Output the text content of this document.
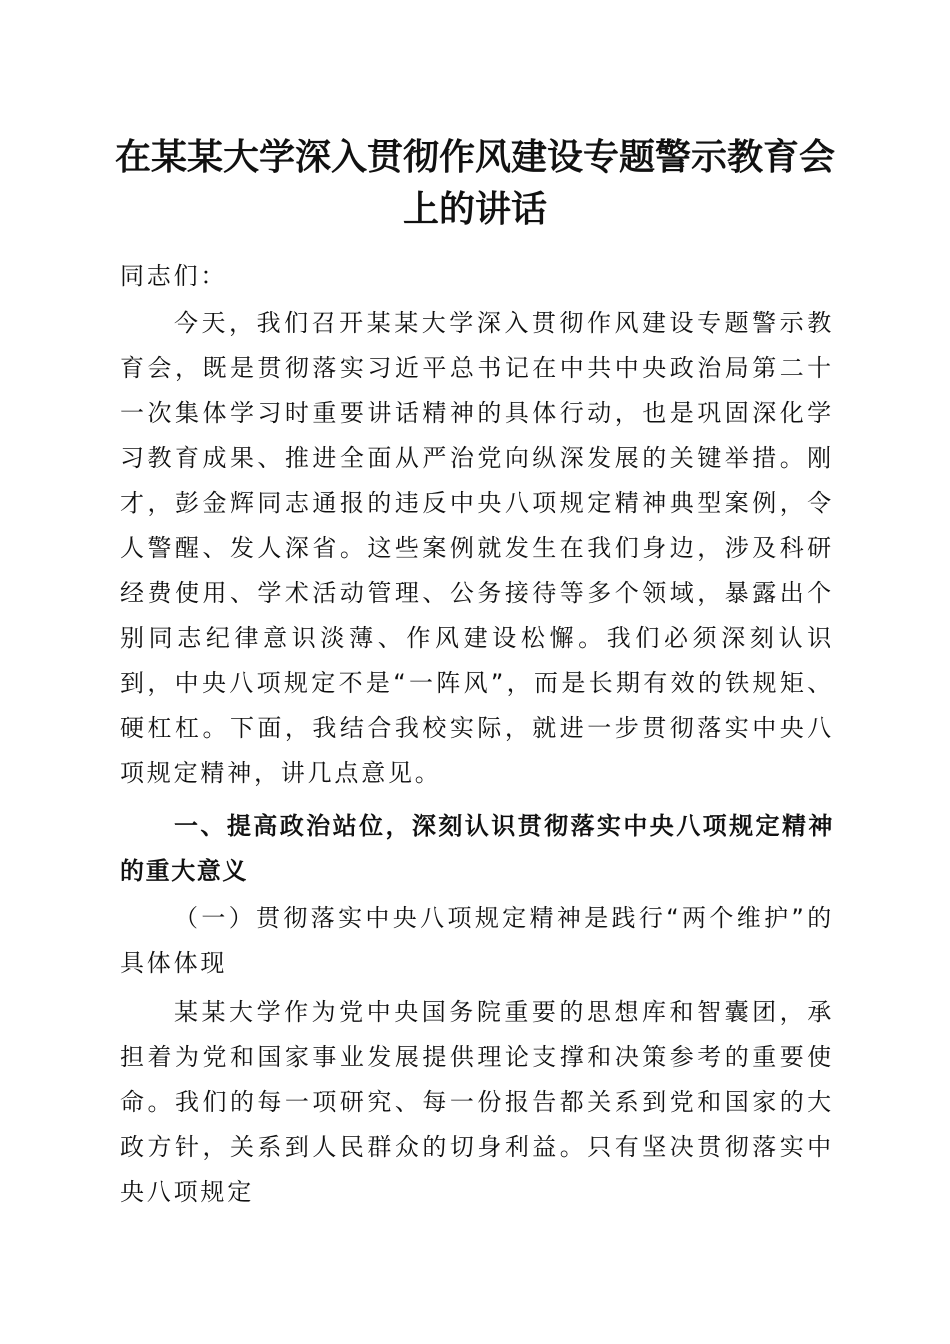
在某某大学深入贯彻作风建设专题警示教育会上的讲话

同志们：

今天，我们召开某某大学深入贯彻作风建设专题警示教育会，既是贯彻落实习近平总书记在中共中央政治局第二十一次集体学习时重要讲话精神的具体行动，也是巩固深化学习教育成果、推进全面从严治党向纵深发展的关键举措。刚才，彭金辉同志通报的违反中央八项规定精神典型案例，令人警醒、发人深省。这些案例就发生在我们身边，涉及科研经费使用、学术活动管理、公务接待等多个领域，暴露出个别同志纪律意识淡薄、作风建设松懈。我们必须深刻认识到，中央八项规定不是“一阵风”，而是长期有效的铁规矩、硬杠杠。下面，我结合我校实际，就进一步贯彻落实中央八项规定精神，讲几点意见。

一、提高政治站位，深刻认识贯彻落实中央八项规定精神的重大意义

（一）贯彻落实中央八项规定精神是践行“两个维护”的具体体现

某某大学作为党中央国务院重要的思想库和智囊团，承担着为党和国家事业发展提供理论支撑和决策参考的重要使命。我们的每一项研究、每一份报告都关系到党和国家的大政方针，关系到人民群众的切身利益。只有坚决贯彻落实中央八项规定
